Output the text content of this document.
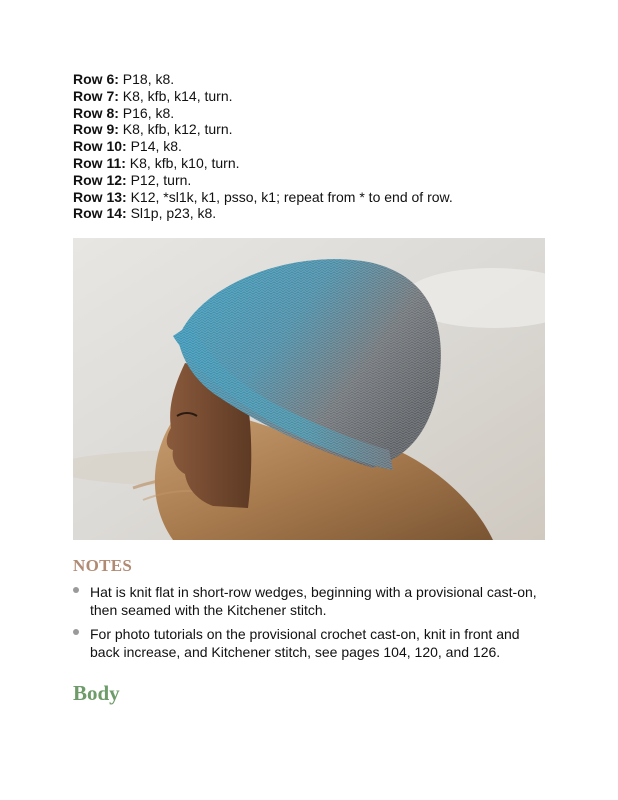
Row 6: P18, k8.
Row 7: K8, kfb, k14, turn.
Row 8: P16, k8.
Row 9: K8, kfb, k12, turn.
Row 10: P14, k8.
Row 11: K8, kfb, k10, turn.
Row 12: P12, turn.
Row 13: K12, *sl1k, k1, psso, k1; repeat from * to end of row.
Row 14: Sl1p, p23, k8.
NOTES
Hat is knit flat in short-row wedges, beginning with a provisional cast-on, then seamed with the Kitchener stitch.
For photo tutorials on the provisional crochet cast-on, knit in front and back increase, and Kitchener stitch, see pages 104, 120, and 126.
Body
